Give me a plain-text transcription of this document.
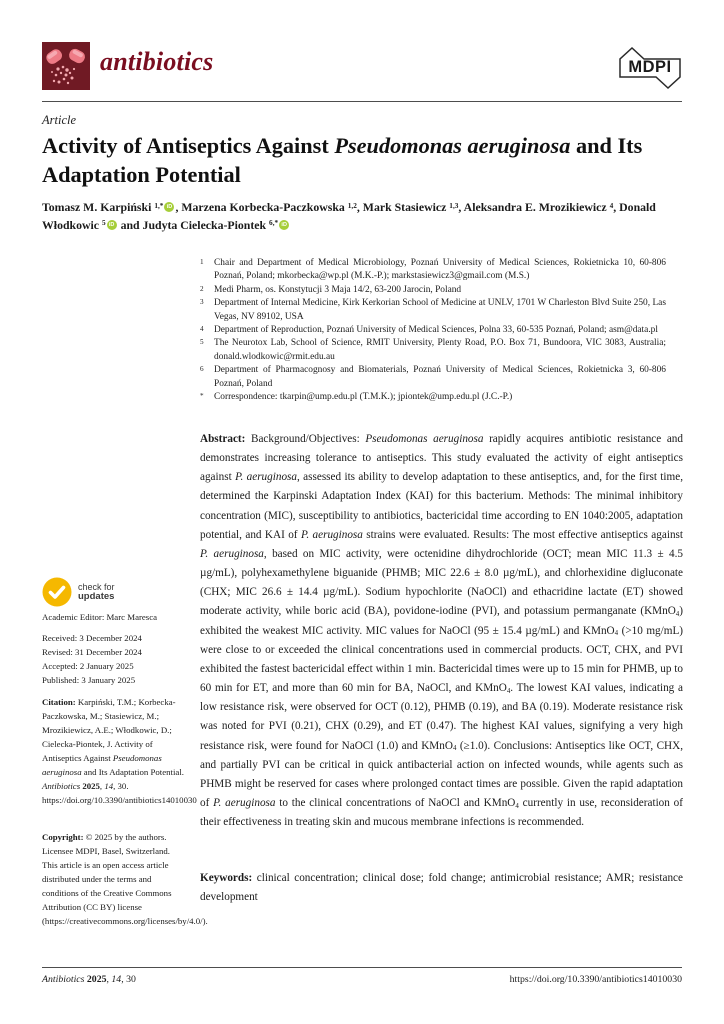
antibiotics	MDPI
Article
Activity of Antiseptics Against Pseudomonas aeruginosa and Its Adaptation Potential
Tomasz M. Karpiński $^{1,*}$ iD , Marzena Korbecka-Paczkowska $^{1,2}$, Mark Stasiewicz $^{1,3}$, Aleksandra E. Mrozikiewicz $^4$, Donald Włodkowic $^5$ iD and Judyta Cielecka-Piontek $^{6,*}$ iD
1	Chair and Department of Medical Microbiology, Poznań University of Medical Sciences, Rokietnicka 10, 60-806 Poznań, Poland; mkorbecka@wp.pl (M.K.-P.); markstasiewicz3@gmail.com (M.S.)
2	Medi Pharm, os. Konstytucji 3 Maja 14/2, 63-200 Jarocin, Poland
3	Department of Internal Medicine, Kirk Kerkorian School of Medicine at UNLV, 1701 W Charleston Blvd Suite 250, Las Vegas, NV 89102, USA
4	Department of Reproduction, Poznań University of Medical Sciences, Polna 33, 60-535 Poznań, Poland; asm@data.pl
5	The Neurotox Lab, School of Science, RMIT University, Plenty Road, P.O. Box 71, Bundoora, VIC 3083, Australia; donald.wlodkowic@rmit.edu.au
6	Department of Pharmacognosy and Biomaterials, Poznań University of Medical Sciences, Rokietnicka 3, 60-806 Poznań, Poland
*	Correspondence: tkarpin@ump.edu.pl (T.M.K.); jpiontek@ump.edu.pl (J.C.-P.)
Abstract: Background/Objectives: Pseudomonas aeruginosa rapidly acquires antibiotic resistance and demonstrates increasing tolerance to antiseptics. This study evaluated the activity of eight antiseptics against P. aeruginosa, assessed its ability to develop adaptation to these antiseptics, and, for the first time, determined the Karpinski Adaptation Index (KAI) for this bacterium. Methods: The minimal inhibitory concentration (MIC), susceptibility to antibiotics, bactericidal time according to EN 1040:2005, adaptation potential, and KAI of P. aeruginosa strains were evaluated. Results: The most effective antiseptics against P. aeruginosa, based on MIC activity, were octenidine dihydrochloride (OCT; mean MIC 11.3 ± 4.5 µg/mL), polyhexamethylene biguanide (PHMB; MIC 22.6 ± 8.0 µg/mL), and chlorhexidine digluconate (CHX; MIC 26.6 ± 14.4 µg/mL). Sodium hypochlorite (NaOCl) and ethacridine lactate (ET) showed moderate activity, while boric acid (BA), povidone-iodine (PVI), and potassium permanganate (KMnO$_4$) exhibited the weakest MIC activity. MIC values for NaOCl (95 ± 15.4 µg/mL) and KMnO$_4$ (>10 mg/mL) were close to or exceeded the clinical concentrations used in commercial products. OCT, CHX, and PVI exhibited the fastest bactericidal effect within 1 min. Bactericidal times were up to 15 min for PHMB, up to 60 min for ET, and more than 60 min for BA, NaOCl, and KMnO$_4$. The lowest KAI values, indicating a low resistance risk, were observed for OCT (0.12), PHMB (0.19), and BA (0.19). Moderate resistance risk was noted for PVI (0.21), CHX (0.29), and ET (0.47). The highest KAI values, signifying a very high resistance risk, were found for NaOCl (1.0) and KMnO$_4$ (≥1.0). Conclusions: Antiseptics like OCT, CHX, and partially PVI can be critical in quick antibacterial action on infected wounds, while agents such as PHMB might be reserved for cases where prolonged contact times are possible. Given the rapid adaptation of P. aeruginosa to the clinical concentrations of NaOCl and KMnO$_4$ currently in use, reconsideration of their effectiveness in treating skin and mucous membrane infections is recommended.
Keywords: clinical concentration; clinical dose; fold change; antimicrobial resistance; AMR; resistance development
check for
updates
Academic Editor: Marc Maresca
Received: 3 December 2024
Revised: 31 December 2024
Accepted: 2 January 2025
Published: 3 January 2025
Citation: Karpiński, T.M.; Korbecka-Paczkowska, M.; Stasiewicz, M.; Mrozikiewicz, A.E.; Włodkowic, D.; Cielecka-Piontek, J. Activity of Antiseptics Against Pseudomonas aeruginosa and Its Adaptation Potential. Antibiotics 2025, 14, 30. https://doi.org/10.3390/antibiotics14010030
Copyright: © 2025 by the authors. Licensee MDPI, Basel, Switzerland. This article is an open access article distributed under the terms and conditions of the Creative Commons Attribution (CC BY) license (https://creativecommons.org/licenses/by/4.0/).
Antibiotics 2025, 14, 30	https://doi.org/10.3390/antibiotics14010030
